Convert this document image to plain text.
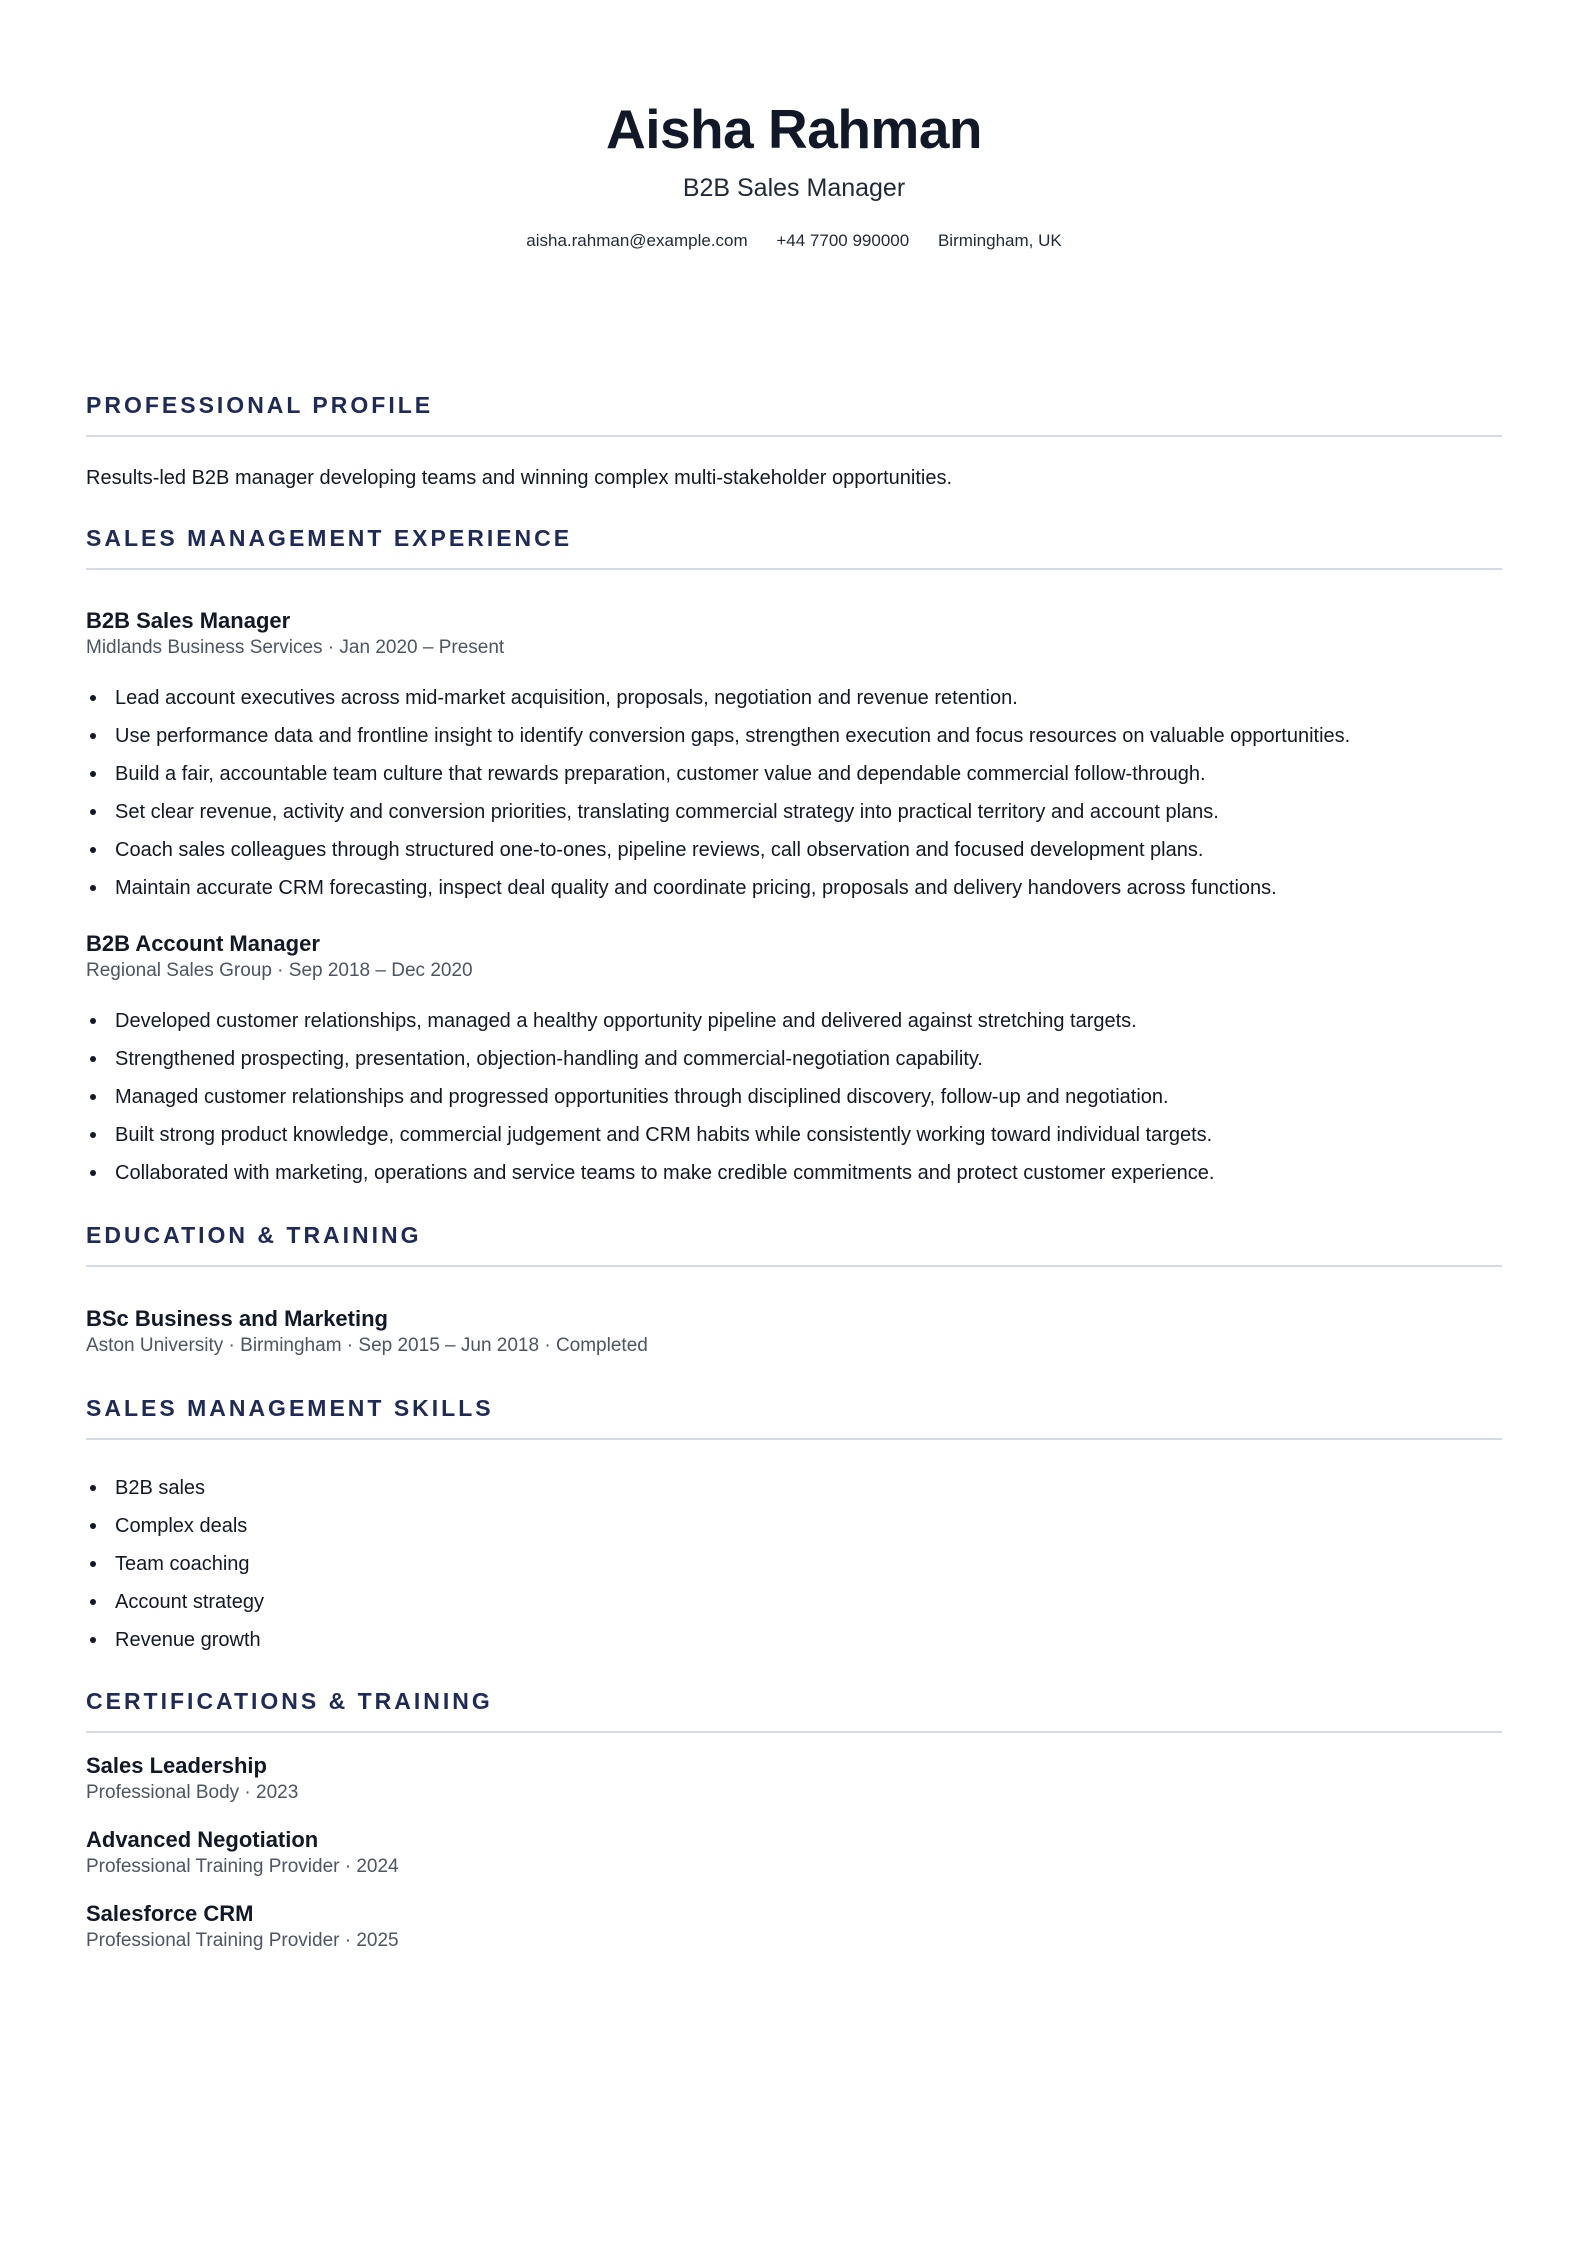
Aisha Rahman
B2B Sales Manager
aisha.rahman@example.com +44 7700 990000 Birmingham, UK
PROFESSIONAL PROFILE
Results-led B2B manager developing teams and winning complex multi-stakeholder opportunities.
SALES MANAGEMENT EXPERIENCE
B2B Sales Manager
Midlands Business Services · Jan 2020 – Present
Lead account executives across mid-market acquisition, proposals, negotiation and revenue retention.
Use performance data and frontline insight to identify conversion gaps, strengthen execution and focus resources on valuable opportunities.
Build a fair, accountable team culture that rewards preparation, customer value and dependable commercial follow-through.
Set clear revenue, activity and conversion priorities, translating commercial strategy into practical territory and account plans.
Coach sales colleagues through structured one-to-ones, pipeline reviews, call observation and focused development plans.
Maintain accurate CRM forecasting, inspect deal quality and coordinate pricing, proposals and delivery handovers across functions.
B2B Account Manager
Regional Sales Group · Sep 2018 – Dec 2020
Developed customer relationships, managed a healthy opportunity pipeline and delivered against stretching targets.
Strengthened prospecting, presentation, objection-handling and commercial-negotiation capability.
Managed customer relationships and progressed opportunities through disciplined discovery, follow-up and negotiation.
Built strong product knowledge, commercial judgement and CRM habits while consistently working toward individual targets.
Collaborated with marketing, operations and service teams to make credible commitments and protect customer experience.
EDUCATION & TRAINING
BSc Business and Marketing
Aston University · Birmingham · Sep 2015 – Jun 2018 · Completed
SALES MANAGEMENT SKILLS
B2B sales
Complex deals
Team coaching
Account strategy
Revenue growth
CERTIFICATIONS & TRAINING
Sales Leadership
Professional Body · 2023
Advanced Negotiation
Professional Training Provider · 2024
Salesforce CRM
Professional Training Provider · 2025
